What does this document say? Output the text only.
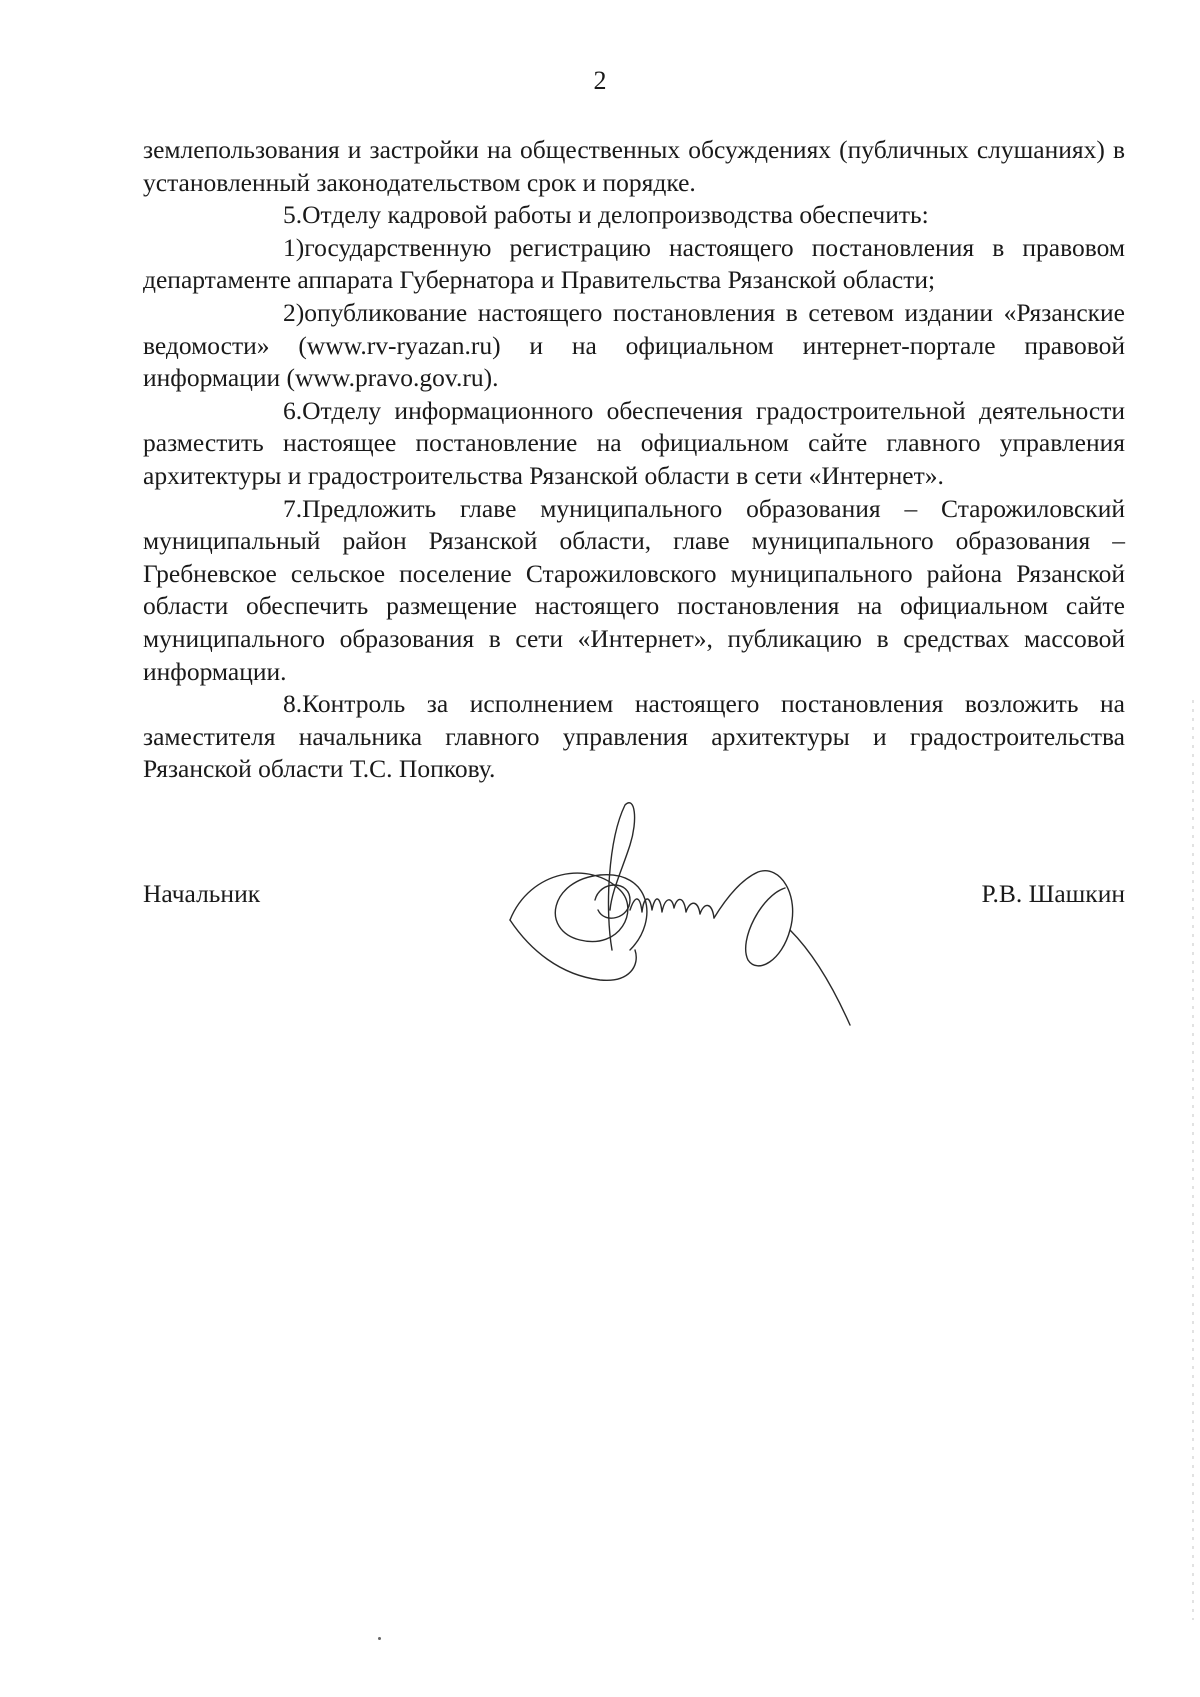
2

землепользования и застройки на общественных обсуждениях (публичных слушаниях) в установленный законодательством срок и порядке.

5.Отделу кадровой работы и делопроизводства обеспечить:

1)государственную регистрацию настоящего постановления в правовом департаменте аппарата Губернатора и Правительства Рязанской области;

2)опубликование настоящего постановления в сетевом издании «Рязанские ведомости» (www.rv-ryazan.ru) и на официальном интернет-портале правовой информации (www.pravo.gov.ru).

6.Отделу информационного обеспечения градостроительной деятельности разместить настоящее постановление на официальном сайте главного управления архитектуры и градостроительства Рязанской области в сети «Интернет».

7.Предложить главе муниципального образования – Старожиловский муниципальный район Рязанской области, главе муниципального образования – Гребневское сельское поселение Старожиловского муниципального района Рязанской области обеспечить размещение настоящего постановления на официальном сайте муниципального образования в сети «Интернет», публикацию в средствах массовой информации.

8.Контроль за исполнением настоящего постановления возложить на заместителя начальника главного управления архитектуры и градостроительства Рязанской области Т.С. Попкову.

Начальник	Р.В. Шашкин
